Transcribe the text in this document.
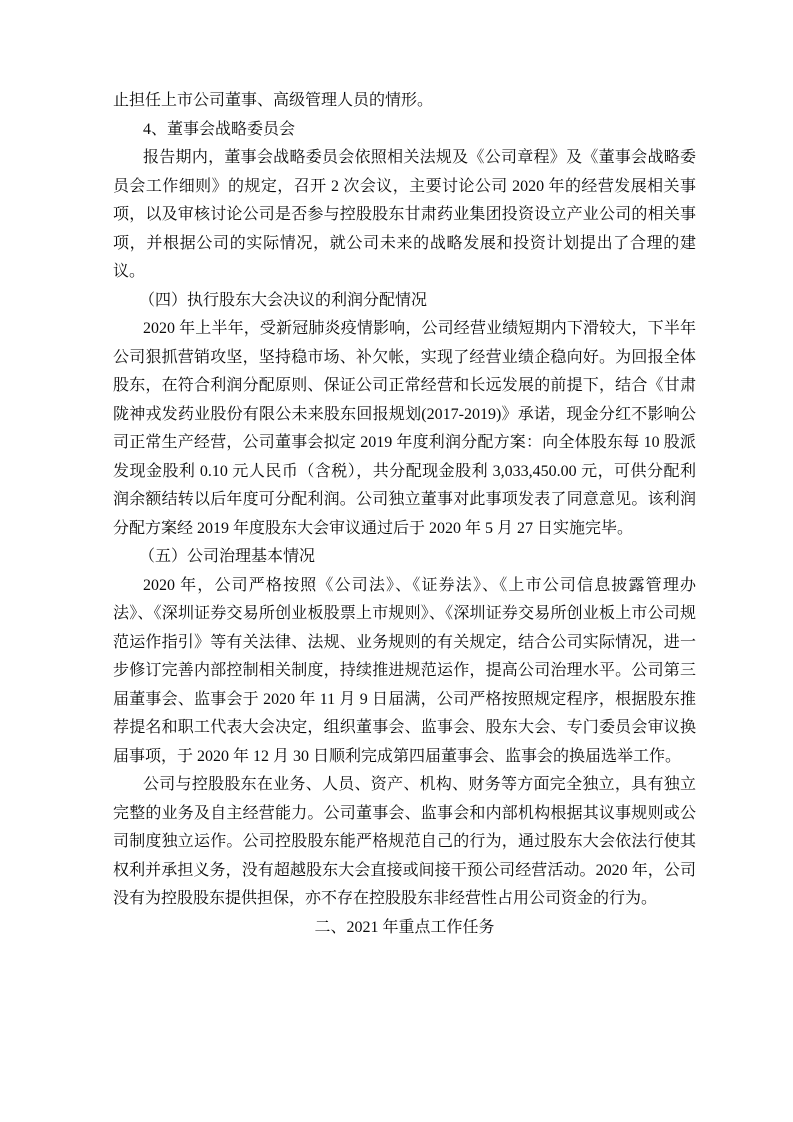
止担任上市公司董事、高级管理人员的情形。

4、董事会战略委员会

报告期内，董事会战略委员会依照相关法规及《公司章程》及《董事会战略委员会工作细则》的规定，召开 2 次会议，主要讨论公司 2020 年的经营发展相关事项，以及审核讨论公司是否参与控股股东甘肃药业集团投资设立产业公司的相关事项，并根据公司的实际情况，就公司未来的战略发展和投资计划提出了合理的建议。

（四）执行股东大会决议的利润分配情况

2020 年上半年，受新冠肺炎疫情影响，公司经营业绩短期内下滑较大，下半年公司狠抓营销攻坚，坚持稳市场、补欠帐，实现了经营业绩企稳向好。为回报全体股东，在符合利润分配原则、保证公司正常经营和长远发展的前提下，结合《甘肃陇神戎发药业股份有限公未来股东回报规划(2017-2019)》承诺，现金分红不影响公司正常生产经营，公司董事会拟定 2019 年度利润分配方案：向全体股东每 10 股派发现金股利 0.10 元人民币（含税），共分配现金股利 3,033,450.00 元，可供分配利润余额结转以后年度可分配利润。公司独立董事对此事项发表了同意意见。该利润分配方案经 2019 年度股东大会审议通过后于 2020 年 5 月 27 日实施完毕。

（五）公司治理基本情况

2020 年，公司严格按照《公司法》、《证券法》、《上市公司信息披露管理办法》、《深圳证券交易所创业板股票上市规则》、《深圳证券交易所创业板上市公司规范运作指引》等有关法律、法规、业务规则的有关规定，结合公司实际情况，进一步修订完善内部控制相关制度，持续推进规范运作，提高公司治理水平。公司第三届董事会、监事会于 2020 年 11 月 9 日届满，公司严格按照规定程序，根据股东推荐提名和职工代表大会决定，组织董事会、监事会、股东大会、专门委员会审议换届事项，于 2020 年 12 月 30 日顺利完成第四届董事会、监事会的换届选举工作。

公司与控股股东在业务、人员、资产、机构、财务等方面完全独立，具有独立完整的业务及自主经营能力。公司董事会、监事会和内部机构根据其议事规则或公司制度独立运作。公司控股股东能严格规范自己的行为，通过股东大会依法行使其权利并承担义务，没有超越股东大会直接或间接干预公司经营活动。2020 年，公司没有为控股股东提供担保，亦不存在控股股东非经营性占用公司资金的行为。

二、2021 年重点工作任务
